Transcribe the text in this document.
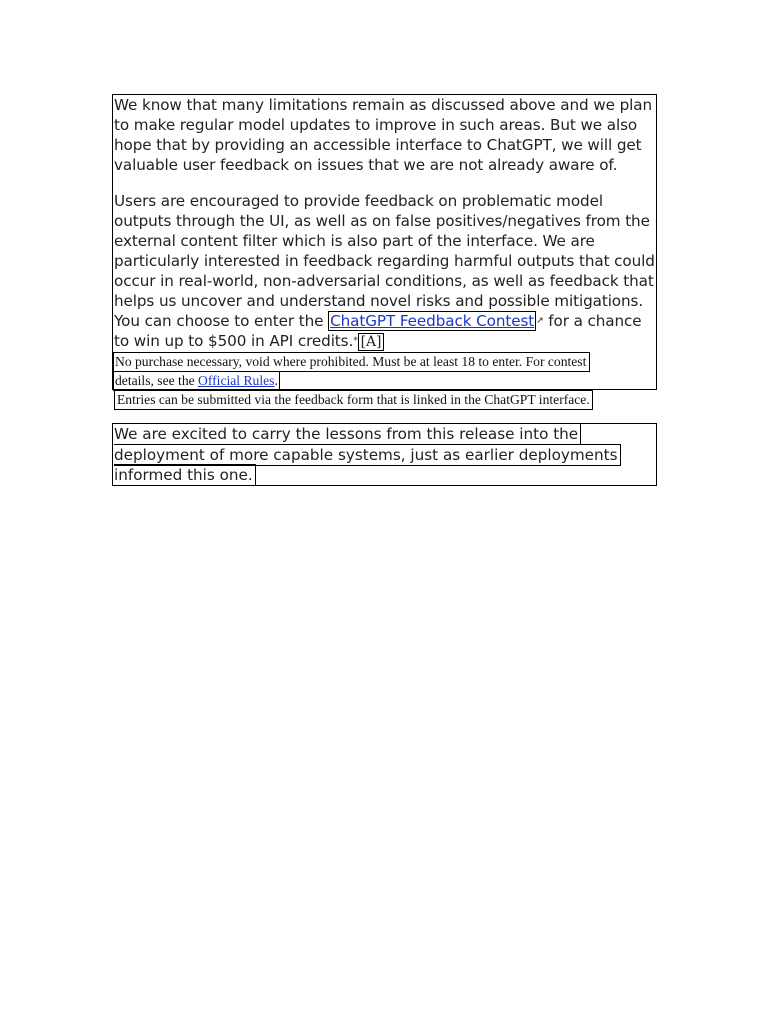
We know that many limitations remain as discussed above and we plan to make regular model updates to improve in such areas. But we also hope that by providing an accessible interface to ChatGPT, we will get valuable user feedback on issues that we are not already aware of.

Users are encouraged to provide feedback on problematic model outputs through the UI, as well as on false positives/negatives from the external content filter which is also part of the interface. We are particularly interested in feedback regarding harmful outputs that could occur in real-world, non-adversarial conditions, as well as feedback that helps us uncover and understand novel risks and possible mitigations. You can choose to enter the ChatGPT Feedback Contest ↗ for a chance to win up to $500 in API credits.* [A]

No purchase necessary, void where prohibited. Must be at least 18 to enter. For contest
details, see the Official Rules.
Entries can be submitted via the feedback form that is linked in the ChatGPT interface.
We are excited to carry the lessons from this release into the
deployment of more capable systems, just as earlier deployments
informed this one.
